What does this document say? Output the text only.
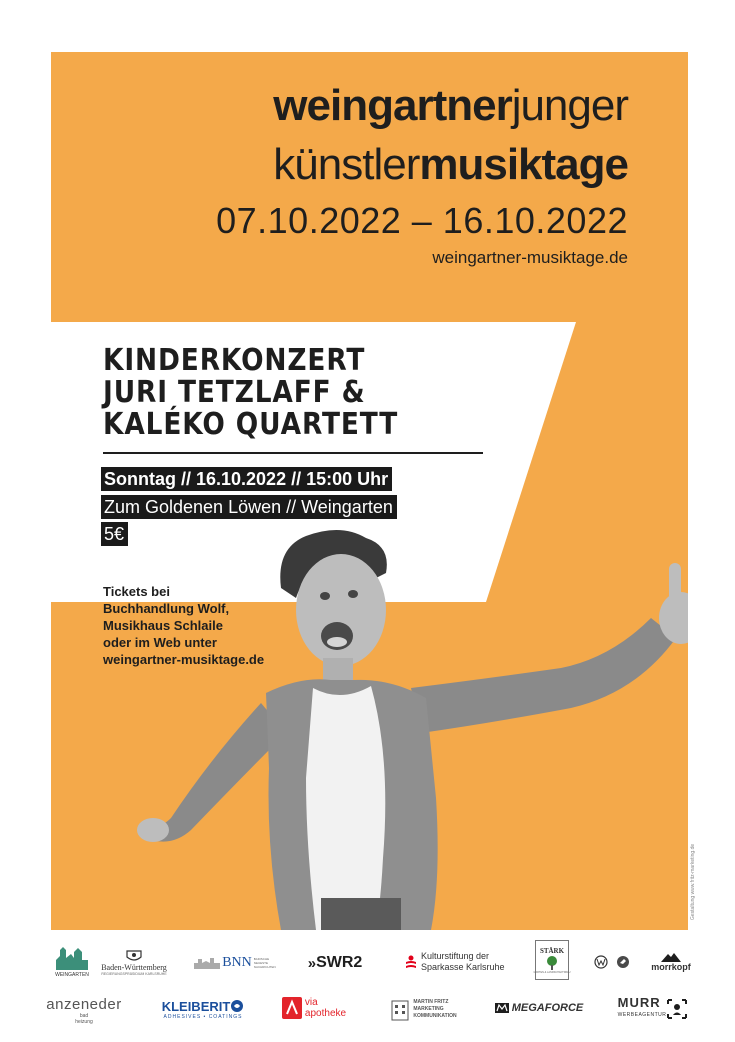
weingartnerjunger
künstlermusiktage
07.10.2022 – 16.10.2022
weingartner-musiktage.de
KINDERKONZERT
JURI TETZLAFF &
KALÉKO QUARTETT
Sonntag // 16.10.2022 // 15:00 Uhr
Zum Goldenen Löwen // Weingarten
5€
Tickets bei
Buchhandlung Wolf,
Musikhaus Schlaile
oder im Web unter
weingartner-musiktage.de
Gestaltung www.fritz-marketing.de
WEINGARTEN
Baden-Württemberg
REGIERUNGSPRÄSIDIUM KARLSRUHE
BNN BADISCHE NEUESTE NACHRICHTEN	» SWR2	Kulturstiftung der
Sparkasse Karlsruhe
STÄRK
GARTEN & LANDSCHAFTSBAU	morrkopf
anzeneder
bad
heizung
KLEIBERIT
ADHESIVES • COATINGS
via
apotheke
MARTIN FRITZ
MARKETING
KOMMUNIKATION
MEGAFORCE	MURR
WERBEAGENTUR
